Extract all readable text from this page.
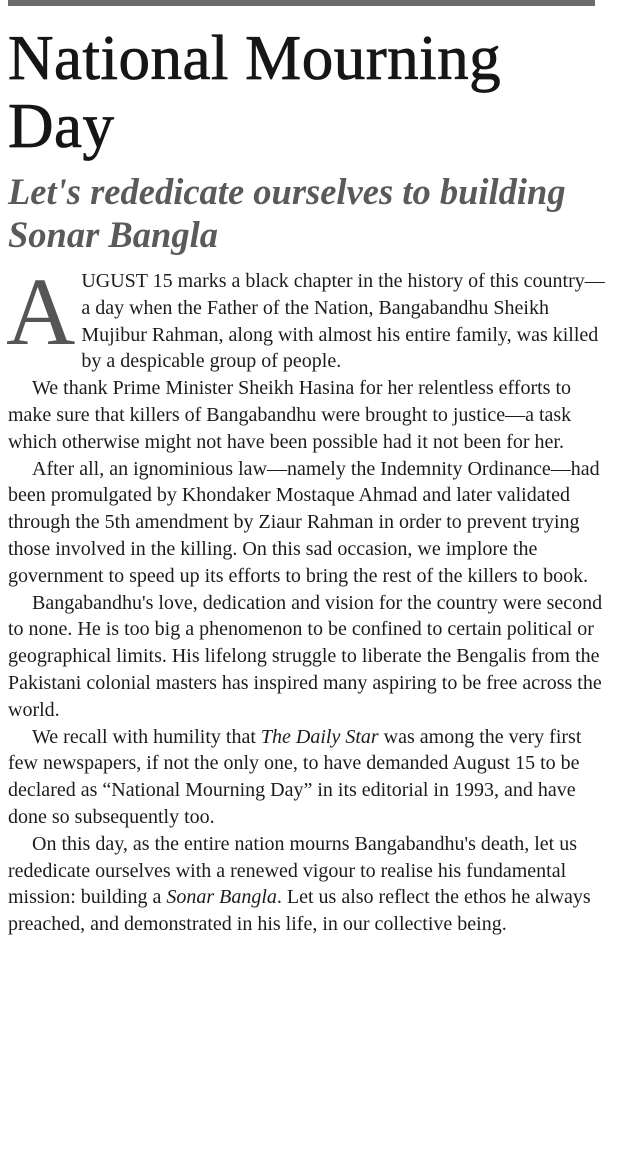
National Mourning Day
Let's rededicate ourselves to building Sonar Bangla

AUGUST 15 marks a black chapter in the history of this country—a day when the Father of the Nation, Bangabandhu Sheikh Mujibur Rahman, along with almost his entire family, was killed by a despicable group of people.

We thank Prime Minister Sheikh Hasina for her relentless efforts to make sure that killers of Bangabandhu were brought to justice—a task which otherwise might not have been possible had it not been for her.

After all, an ignominious law—namely the Indemnity Ordinance—had been promulgated by Khondaker Mostaque Ahmad and later validated through the 5th amendment by Ziaur Rahman in order to prevent trying those involved in the killing. On this sad occasion, we implore the government to speed up its efforts to bring the rest of the killers to book.

Bangabandhu's love, dedication and vision for the country were second to none. He is too big a phenomenon to be confined to certain political or geographical limits. His lifelong struggle to liberate the Bengalis from the Pakistani colonial masters has inspired many aspiring to be free across the world.

We recall with humility that The Daily Star was among the very first few newspapers, if not the only one, to have demanded August 15 to be declared as “National Mourning Day” in its editorial in 1993, and have done so subsequently too.

On this day, as the entire nation mourns Bangabandhu's death, let us rededicate ourselves with a renewed vigour to realise his fundamental mission: building a Sonar Bangla. Let us also reflect the ethos he always preached, and demonstrated in his life, in our collective being.
